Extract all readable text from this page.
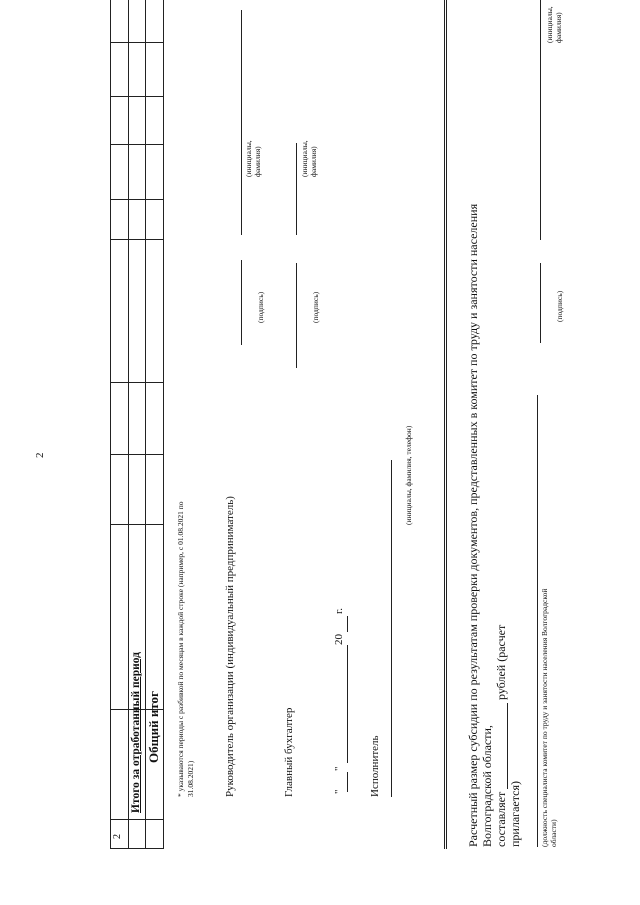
2
2
Итого за отработанный период Общий итог * указываются периоды с разбивкой по месяцам в каждой строке (например, с 01.08.2021 по 31.08.2021)	Руководитель организации (индивидуальный предприниматель)
(подпись)
(инициалы, фамилия)
Главный бухгалтер
(подпись)
(инициалы, фамилия)
"
"
20
г.
Исполнитель
(инициалы, фамилия, телефон)	Расчетный размер субсидии по результатам проверки документов, представленных в комитет по труду и занятости населения Волгоградской области, составляет
рублей (расчет
прилагается) (должность специалиста комитет по труду и занятости населения Волгоградской области)
(подпись)
(инициалы, фамилия)
